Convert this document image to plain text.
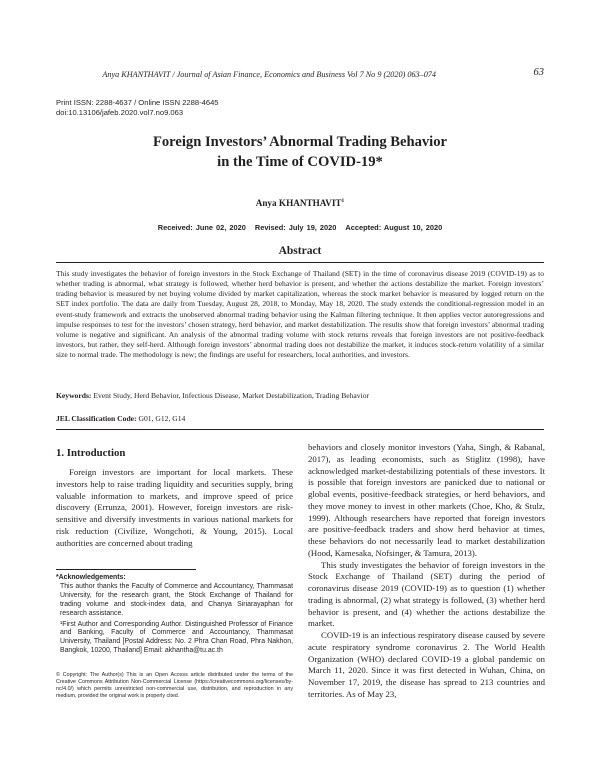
Anya KHANTHAVIT / Journal of Asian Finance, Economics and Business Vol 7 No 9 (2020) 063–074	63
Print ISSN: 2288-4637 / Online ISSN 2288-4645
doi:10.13106/jafeb.2020.vol7.no9.063
Foreign Investors’ Abnormal Trading Behavior
in the Time of COVID-19*
Anya KHANTHAVIT$^1$
Received: June 02, 2020 Revised: July 19, 2020 Accepted: August 10, 2020
Abstract
This study investigates the behavior of foreign investors in the Stock Exchange of Thailand (SET) in the time of coronavirus disease 2019 (COVID-19) as to whether trading is abnormal, what strategy is followed, whether herd behavior is present, and whether the actions destabilize the market. Foreign investors’ trading behavior is measured by net buying volume divided by market capitalization, whereas the stock market behavior is measured by logged return on the SET index portfolio. The data are daily from Tuesday, August 28, 2018, to Monday, May 18, 2020. The study extends the conditional-regression model in an event-study framework and extracts the unobserved abnormal trading behavior using the Kalman filtering technique. It then applies vector autoregressions and impulse responses to test for the investors’ chosen strategy, herd behavior, and market destabilization. The results show that foreign investors’ abnormal trading volume is negative and significant. An analysis of the abnormal trading volume with stock returns reveals that foreign investors are not positive-feedback investors, but rather, they self-herd. Although foreign investors’ abnormal trading does not destabilize the market, it induces stock-return volatility of a similar size to normal trade. The methodology is new; the findings are useful for researchers, local authorities, and investors.
Keywords: Event Study, Herd Behavior, Infectious Disease, Market Destabilization, Trading Behavior
JEL Classification Code: G01, G12, G14
1. Introduction

Foreign investors are important for local markets. These investors help to raise trading liquidity and securities supply, bring valuable information to markets, and improve speed of price discovery (Errunza, 2001). However, foreign investors are risk-sensitive and diversify investments in various national markets for risk reduction (Civilize, Wongchoti, & Young, 2015). Local authorities are concerned about trading

*Acknowledgements:
This author thanks the Faculty of Commerce and Accountancy, Thammasat University, for the research grant, the Stock Exchange of Thailand for trading volume and stock-index data, and Chanya Siriarayaphan for research assistance.
¹First Author and Corresponding Author. Distinguished Professor of Finance and Banking, Faculty of Commerce and Accountancy, Thammasat University, Thailand [Postal Address: No. 2 Phra Chan Road, Phra Nakhon, Bangkok, 10200, Thailand] Email: akhantha@tu.ac.th
© Copyright: The Author(s) This is an Open Access article distributed under the terms of the Creative Commons Attribution Non-Commercial License (https://creativecommons.org/licenses/by-nc/4.0/) which permits unrestricted non-commercial use, distribution, and reproduction in any medium, provided the original work is properly cited.

behaviors and closely monitor investors (Yaha, Singh, & Rabanal, 2017), as leading economists, such as Stiglitz (1998), have acknowledged market-destabilizing potentials of these investors. It is possible that foreign investors are panicked due to national or global events, positive-feedback strategies, or herd behaviors, and they move money to invest in other markets (Choe, Kho, & Stulz, 1999). Although researchers have reported that foreign investors are positive-feedback traders and show herd behavior at times, these behaviors do not necessarily lead to market destabilization (Hood, Kamesaka, Nofsinger, & Tamura, 2013).

This study investigates the behavior of foreign investors in the Stock Exchange of Thailand (SET) during the period of coronavirus disease 2019 (COVID-19) as to question (1) whether trading is abnormal, (2) what strategy is followed, (3) whether herd behavior is present, and (4) whether the actions destabilize the market.

COVID-19 is an infectious respiratory disease caused by severe acute respiratory syndrome coronavirus 2. The World Health Organization (WHO) declared COVID-19 a global pandemic on March 11, 2020. Since it was first detected in Wuhan, China, on November 17, 2019, the disease has spread to 213 countries and territories. As of May 23,
